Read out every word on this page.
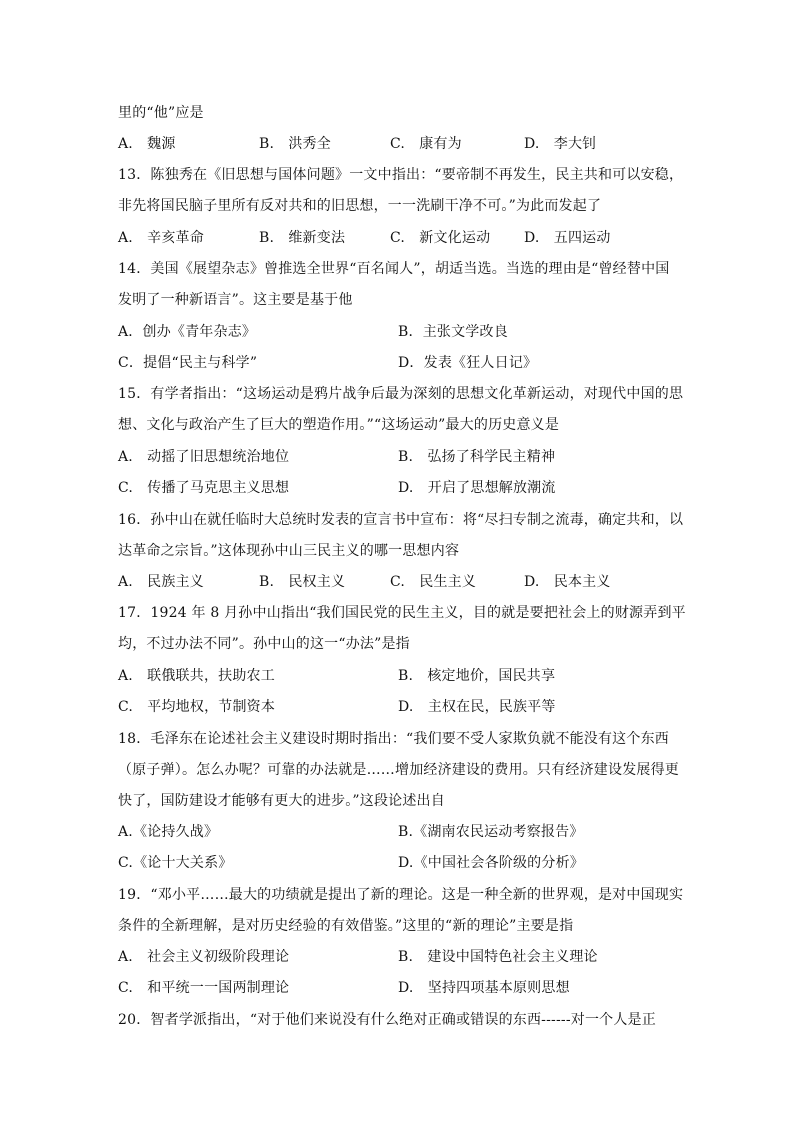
里的“他”应是
A.　魏源	B.　洪秀全	C.　康有为	D.　李大钊
13．陈独秀在《旧思想与国体问题》一文中指出：“要帝制不再发生，民主共和可以安稳，
非先将国民脑子里所有反对共和的旧思想，一一洗刷干净不可。”为此而发起了
A.　辛亥革命	B.　维新变法	C.　新文化运动 D.　五四运动
14．美国《展望杂志》曾推选全世界“百名闻人”，胡适当选。当选的理由是“曾经替中国
发明了一种新语言”。这主要是基于他
A．创办《青年杂志》	B．主张文学改良
C．提倡“民主与科学”	D．发表《狂人日记》
15．有学者指出：“这场运动是鸦片战争后最为深刻的思想文化革新运动，对现代中国的思
想、文化与政治产生了巨大的塑造作用。”“这场运动”最大的历史意义是
A.　动摇了旧思想统治地位	B.　弘扬了科学民主精神
C.　传播了马克思主义思想	D.　开启了思想解放潮流
16．孙中山在就任临时大总统时发表的宣言书中宣布：将“尽扫专制之流毒，确定共和，以
达革命之宗旨。”这体现孙中山三民主义的哪一思想内容
A.　民族主义	B.　民权主义	C.　民生主义	D.　民本主义
17．1924 年 8 月孙中山指出“我们国民党的民生主义，目的就是要把社会上的财源弄到平
均，不过办法不同”。孙中山的这一“办法”是指
A.　联俄联共，扶助农工	B.　核定地价，国民共享
C.　平均地权，节制资本	D.　主权在民，民族平等
18．毛泽东在论述社会主义建设时期时指出：“我们要不受人家欺负就不能没有这个东西
（原子弹）。怎么办呢？可靠的办法就是……增加经济建设的费用。只有经济建设发展得更
快了，国防建设才能够有更大的进步。”这段论述出自
A.《论持久战》	B.《湖南农民运动考察报告》
C.《论十大关系》	D.《中国社会各阶级的分析》
19．“邓小平……最大的功绩就是提出了新的理论。这是一种全新的世界观，是对中国现实
条件的全新理解，是对历史经验的有效借鉴。”这里的“新的理论”主要是指
A.　社会主义初级阶段理论	B.　建设中国特色社会主义理论
C.　和平统一一国两制理论	D.　坚持四项基本原则思想
20．智者学派指出，“对于他们来说没有什么绝对正确或错误的东西------对一个人是正
